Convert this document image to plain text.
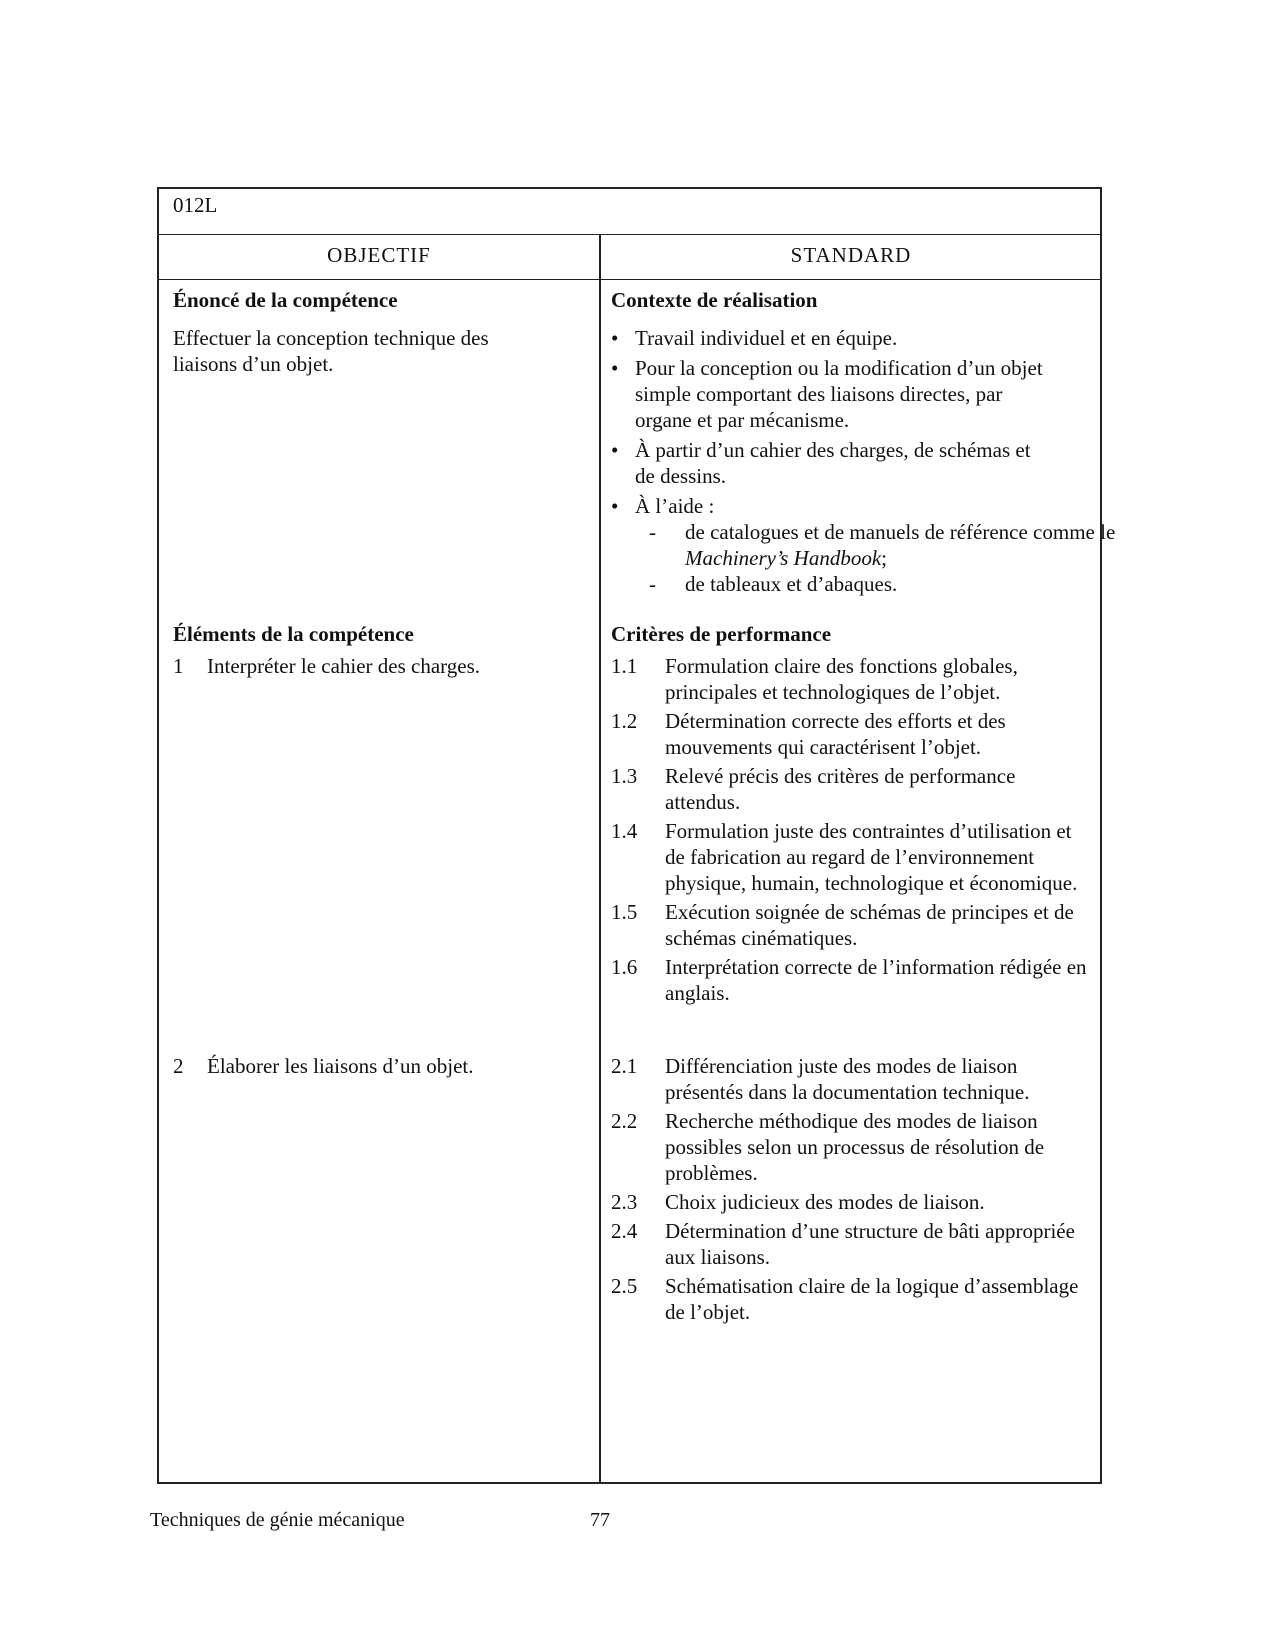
012L
OBJECTIF	STANDARD
Énoncé de la compétence
Effectuer la conception technique des liaisons d’un objet.
Contexte de réalisation
• Travail individuel et en équipe.
• Pour la conception ou la modification d’un objet simple comportant des liaisons directes, par organe et par mécanisme.
• À partir d’un cahier des charges, de schémas et de dessins.
• À l’aide :
- de catalogues et de manuels de référence comme le Machinery’s Handbook;
- de tableaux et d’abaques.
Éléments de la compétence
1 Interpréter le cahier des charges.
2 Élaborer les liaisons d’un objet.
Critères de performance
1.1 Formulation claire des fonctions globales, principales et technologiques de l’objet.
1.2 Détermination correcte des efforts et des mouvements qui caractérisent l’objet.
1.3 Relevé précis des critères de performance attendus.
1.4 Formulation juste des contraintes d’utilisation et de fabrication au regard de l’environnement physique, humain, technologique et économique.
1.5 Exécution soignée de schémas de principes et de schémas cinématiques.
1.6 Interprétation correcte de l’information rédigée en anglais.
2.1 Différenciation juste des modes de liaison présentés dans la documentation technique.
2.2 Recherche méthodique des modes de liaison possibles selon un processus de résolution de problèmes.
2.3 Choix judicieux des modes de liaison.
2.4 Détermination d’une structure de bâti appropriée aux liaisons.
2.5 Schématisation claire de la logique d’assemblage de l’objet.
Techniques de génie mécanique	77
